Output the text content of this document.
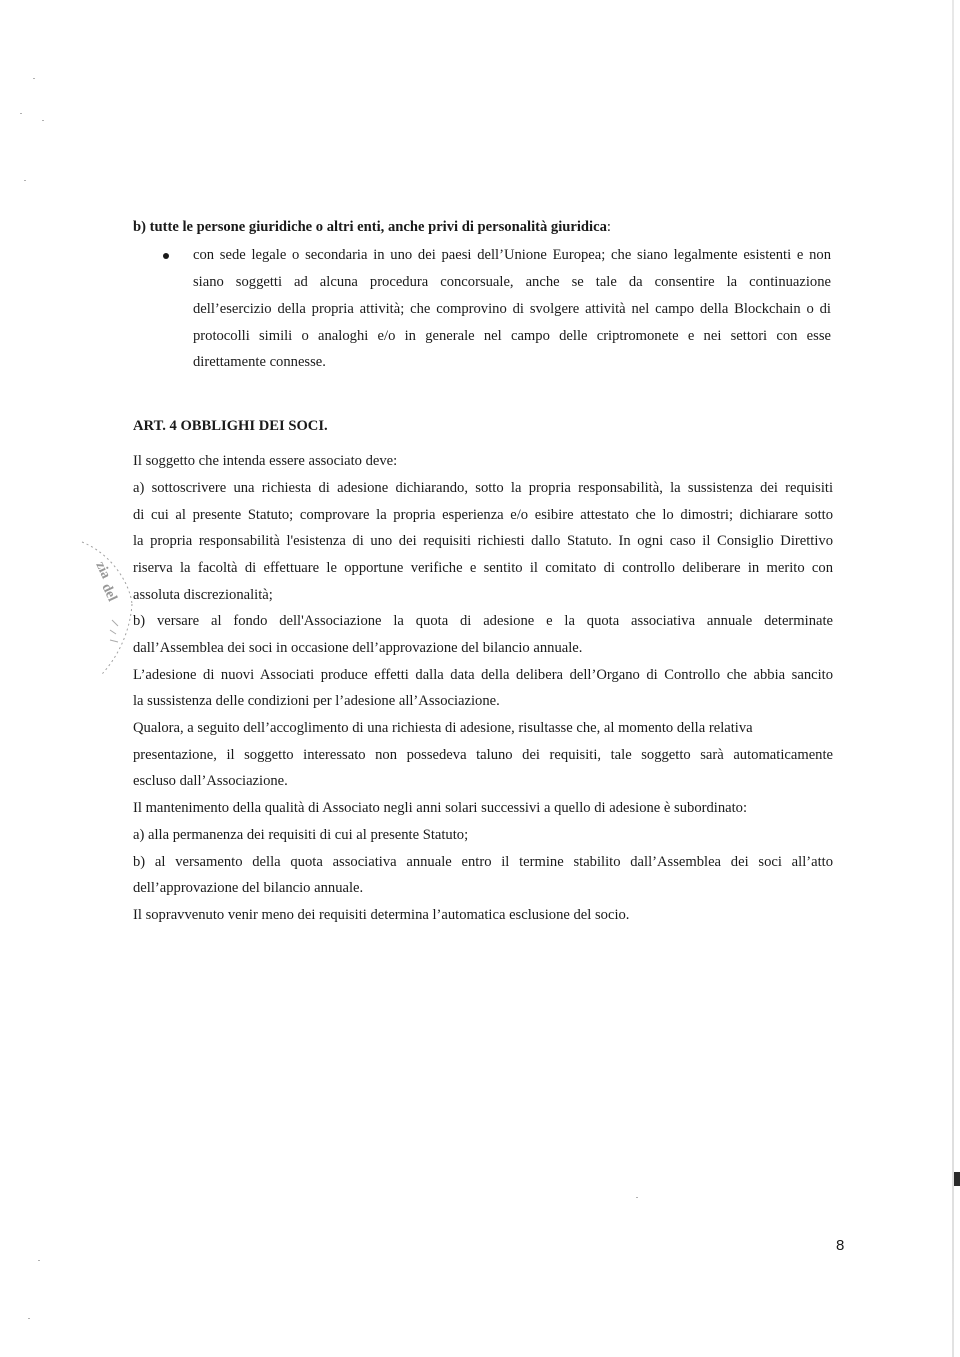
b) tutte le persone giuridiche o altri enti, anche privi di personalità giuridica:
con sede legale o secondaria in uno dei paesi dell’Unione Europea; che siano legalmente esistenti e non
siano soggetti ad alcuna procedura concorsuale, anche se tale da consentire la continuazione
dell’esercizio della propria attività; che comprovino di svolgere attività nel campo della Blockchain o di
protocolli simili o analoghi e/o in generale nel campo delle criptromonete e nei settori con esse
direttamente connesse.
ART. 4 OBBLIGHI DEI SOCI.
Il soggetto che intenda essere associato deve:
a) sottoscrivere una richiesta di adesione dichiarando, sotto la propria responsabilità, la sussistenza dei requisiti
di cui al presente Statuto; comprovare la propria esperienza e/o esibire attestato che lo dimostri; dichiarare sotto
la propria responsabilità l'esistenza di uno dei requisiti richiesti dallo Statuto. In ogni caso il Consiglio Direttivo
riserva la facoltà di effettuare le opportune verifiche e sentito il comitato di controllo deliberare in merito con
assoluta discrezionalità;
b) versare al fondo dell'Associazione la quota di adesione e la quota associativa annuale determinate
dall’Assemblea dei soci in occasione dell’approvazione del bilancio annuale.
L’adesione di nuovi Associati produce effetti dalla data della delibera dell’Organo di Controllo che abbia sancito
la sussistenza delle condizioni per l’adesione all’Associazione.
Qualora, a seguito dell’accoglimento di una richiesta di adesione, risultasse che, al momento della relativa
presentazione, il soggetto interessato non possedeva taluno dei requisiti, tale soggetto sarà automaticamente
escluso dall’Associazione.
Il mantenimento della qualità di Associato negli anni solari successivi a quello di adesione è subordinato:
a) alla permanenza dei requisiti di cui al presente Statuto;
b) al versamento della quota associativa annuale entro il termine stabilito dall’Assemblea dei soci all’atto
dell’approvazione del bilancio annuale.
Il sopravvenuto venir meno dei requisiti determina l’automatica esclusione del socio.
zia
del
8
